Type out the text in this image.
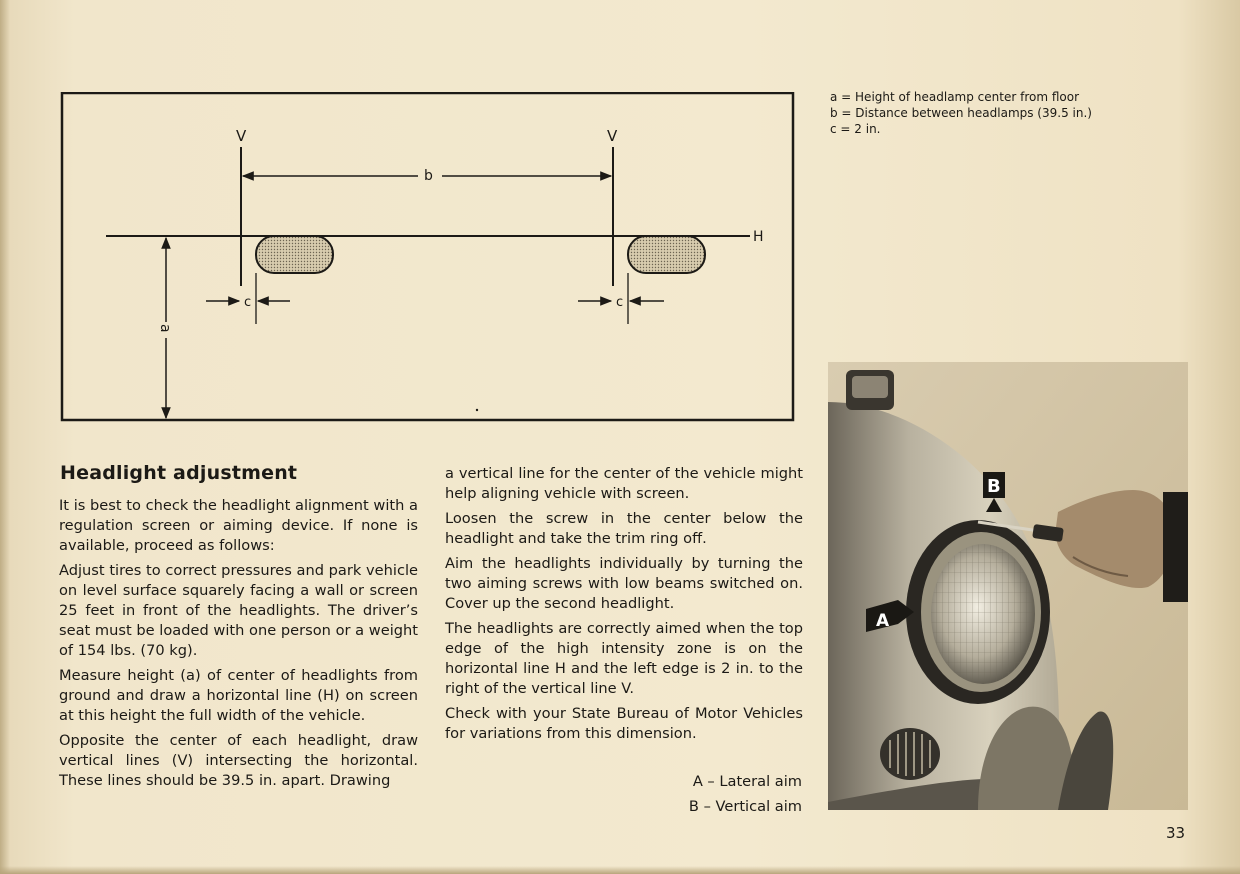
H
V	V
b
c	c
a
a = Height of headlamp center from floor
b = Distance between headlamps (39.5 in.)
c = 2 in.
Headlight adjustment

It is best to check the headlight alignment with a regulation screen or aiming device. If none is available, proceed as follows:

Adjust tires to correct pressures and park vehicle on level surface squarely facing a wall or screen 25 feet in front of the headlights. The driver’s seat must be loaded with one person or a weight of 154 lbs. (70 kg).

Measure height (a) of center of headlights from ground and draw a horizontal line (H) on screen at this height the full width of the vehicle.

Opposite the center of each headlight, draw vertical lines (V) intersecting the horizontal. These lines should be 39.5 in. apart. Drawing

a vertical line for the center of the vehicle might help aligning vehicle with screen.

Loosen the screw in the center below the headlight and take the trim ring off.

Aim the headlights individually by turning the two aiming screws with low beams switched on. Cover up the second headlight.

The headlights are correctly aimed when the top edge of the high intensity zone is on the horizontal line H and the left edge is 2 in. to the right of the vertical line V.

Check with your State Bureau of Motor Vehicles for variations from this dimension.

A – Lateral aim
B – Vertical aim
B
A
33
